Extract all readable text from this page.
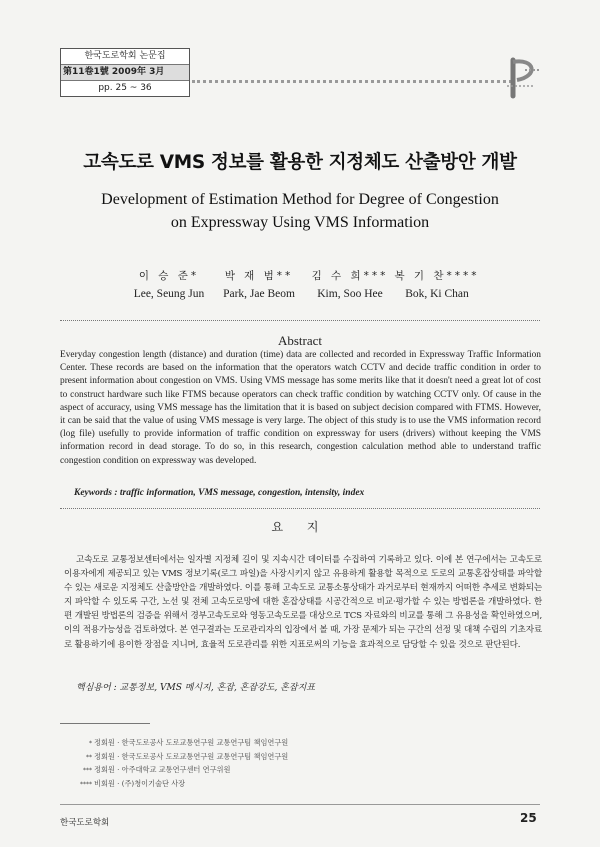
한국도로학회 논문집
第11卷1號 2009年 3月
pp. 25 ~ 36
고속도로 VMS 정보를 활용한 지정체도 산출방안 개발
Development of Estimation Method for Degree of Congestion
on Expressway Using VMS Information
이 승 준*
Lee, Seung Jun
박 재 범**
Park, Jae Beom
김 수 희***
Kim, Soo Hee
복 기 찬****
Bok, Ki Chan
Abstract
Everyday congestion length (distance) and duration (time) data are collected and recorded in Expressway Traffic Information Center. These records are based on the information that the operators watch CCTV and decide traffic condition in order to present information about congestion on VMS. Using VMS message has some merits like that it doesn't need a great lot of cost to construct hardware such like FTMS because operators can check traffic condition by watching CCTV only. Of cause in the aspect of accuracy, using VMS message has the limitation that it is based on subject decision compared with FTMS. However, it can be said that the value of using VMS message is very large. The object of this study is to use the VMS information record (log file) usefully to provide information of traffic condition on expressway for users (drivers) without keeping the VMS information record in dead storage. To do so, in this research, congestion calculation method able to understand traffic congestion condition on expressway was developed.
Keywords : traffic information, VMS message, congestion, intensity, index
요 지
고속도로 교통정보센터에서는 일자별 지정체 길이 및 지속시간 데이터를 수집하여 기록하고 있다. 이에 본 연구에서는 고속도로 이용자에게 제공되고 있는 VMS 정보기록(로그 파일)을 사장시키지 않고 유용하게 활용할 목적으로 도로의 교통혼잡상태를 파악할 수 있는 새로운 지정체도 산출방안을 개발하였다. 이를 통해 고속도로 교통소통상태가 과거로부터 현재까지 어떠한 추세로 변화되는지 파악할 수 있도록 구간, 노선 및 전체 고속도로망에 대한 혼잡상태를 시공간적으로 비교·평가할 수 있는 방법론을 개발하였다. 한편 개발된 방법론의 검증을 위해서 경부고속도로와 영동고속도로를 대상으로 TCS 자료와의 비교를 통해 그 유용성을 확인하였으며, 이의 적용가능성을 검토하였다. 본 연구결과는 도로관리자의 입장에서 볼 때, 가장 문제가 되는 구간의 선정 및 대책 수립의 기초자료로 활용하기에 용이한 장점을 지니며, 효율적 도로관리를 위한 지표로써의 기능을 효과적으로 담당할 수 있을 것으로 판단된다.
핵심용어 : 교통정보, VMS 메시지, 혼잡, 혼잡강도, 혼잡지표
* 정회원 · 한국도로공사 도로교통연구원 교통연구팀 책임연구원
** 정회원 · 한국도로공사 도로교통연구원 교통연구팀 책임연구원
*** 정회원 · 아주대학교 교통연구센터 연구위원
**** 비회원 · (주)청이기술단 사장
한국도로학회	25
